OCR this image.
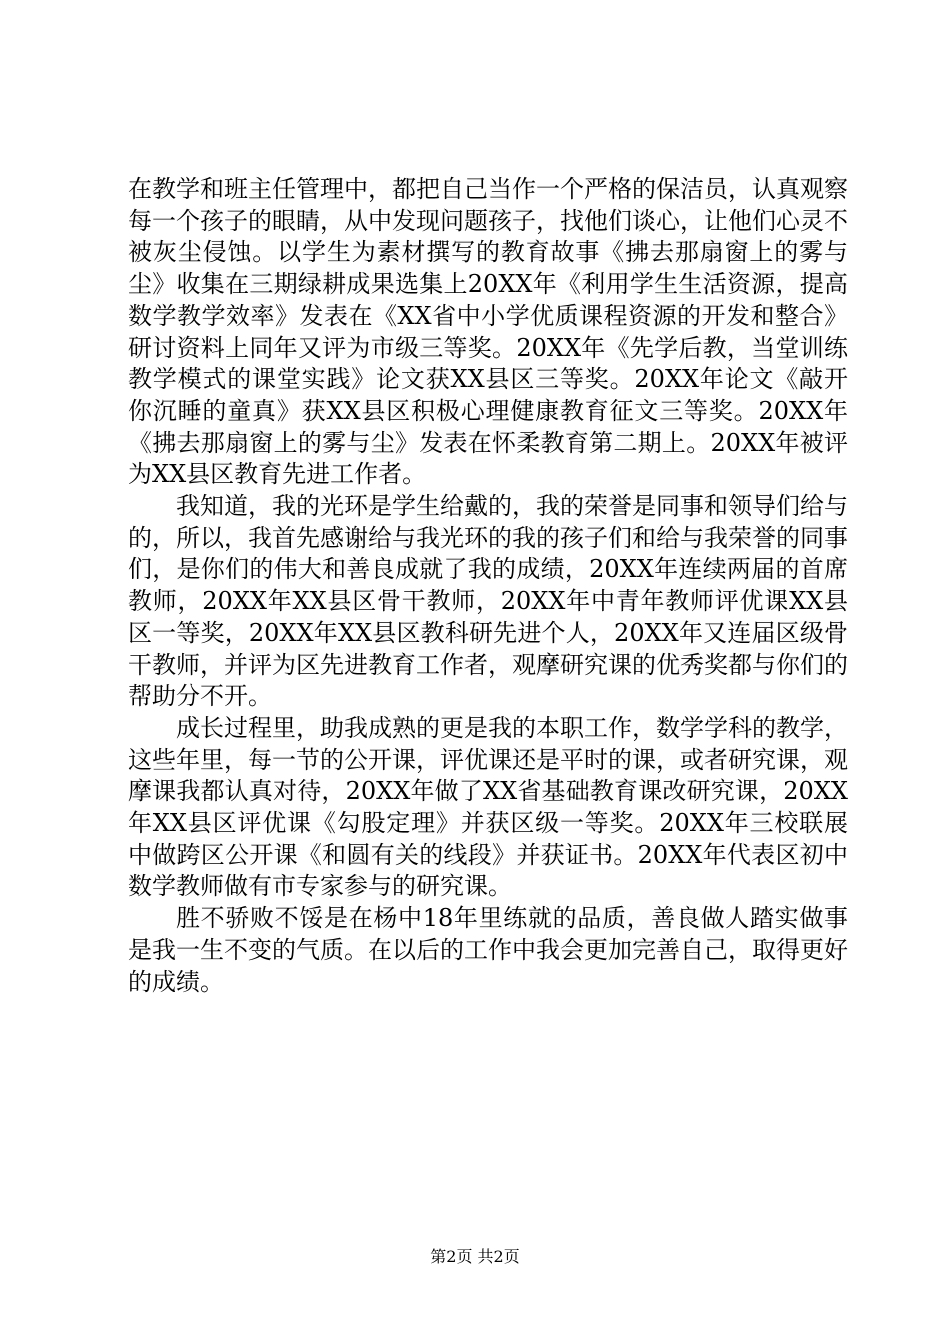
在教学和班主任管理中，都把自己当作一个严格的保洁员，认真观察每一个孩子的眼睛，从中发现问题孩子，找他们谈心，让他们心灵不被灰尘侵蚀。以学生为素材撰写的教育故事《拂去那扇窗上的雾与尘》收集在三期绿耕成果选集上20XX年《利用学生生活资源，提高数学教学效率》发表在《XX省中小学优质课程资源的开发和整合》研讨资料上同年又评为市级三等奖。20XX年《先学后教，当堂训练教学模式的课堂实践》论文获XX县区三等奖。20XX年论文《敲开你沉睡的童真》获XX县区积极心理健康教育征文三等奖。20XX年《拂去那扇窗上的雾与尘》发表在怀柔教育第二期上。20XX年被评为XX县区教育先进工作者。

我知道，我的光环是学生给戴的，我的荣誉是同事和领导们给与的，所以，我首先感谢给与我光环的我的孩子们和给与我荣誉的同事们，是你们的伟大和善良成就了我的成绩，20XX年连续两届的首席教师，20XX年XX县区骨干教师，20XX年中青年教师评优课XX县区一等奖，20XX年XX县区教科研先进个人，20XX年又连届区级骨干教师，并评为区先进教育工作者，观摩研究课的优秀奖都与你们的帮助分不开。

成长过程里，助我成熟的更是我的本职工作，数学学科的教学，这些年里，每一节的公开课，评优课还是平时的课，或者研究课，观摩课我都认真对待，20XX年做了XX省基础教育课改研究课，20XX年XX县区评优课《勾股定理》并获区级一等奖。20XX年三校联展中做跨区公开课《和圆有关的线段》并获证书。20XX年代表区初中数学教师做有市专家参与的研究课。

胜不骄败不馁是在杨中18年里练就的品质，善良做人踏实做事是我一生不变的气质。在以后的工作中我会更加完善自己，取得更好的成绩。

第2页 共2页
